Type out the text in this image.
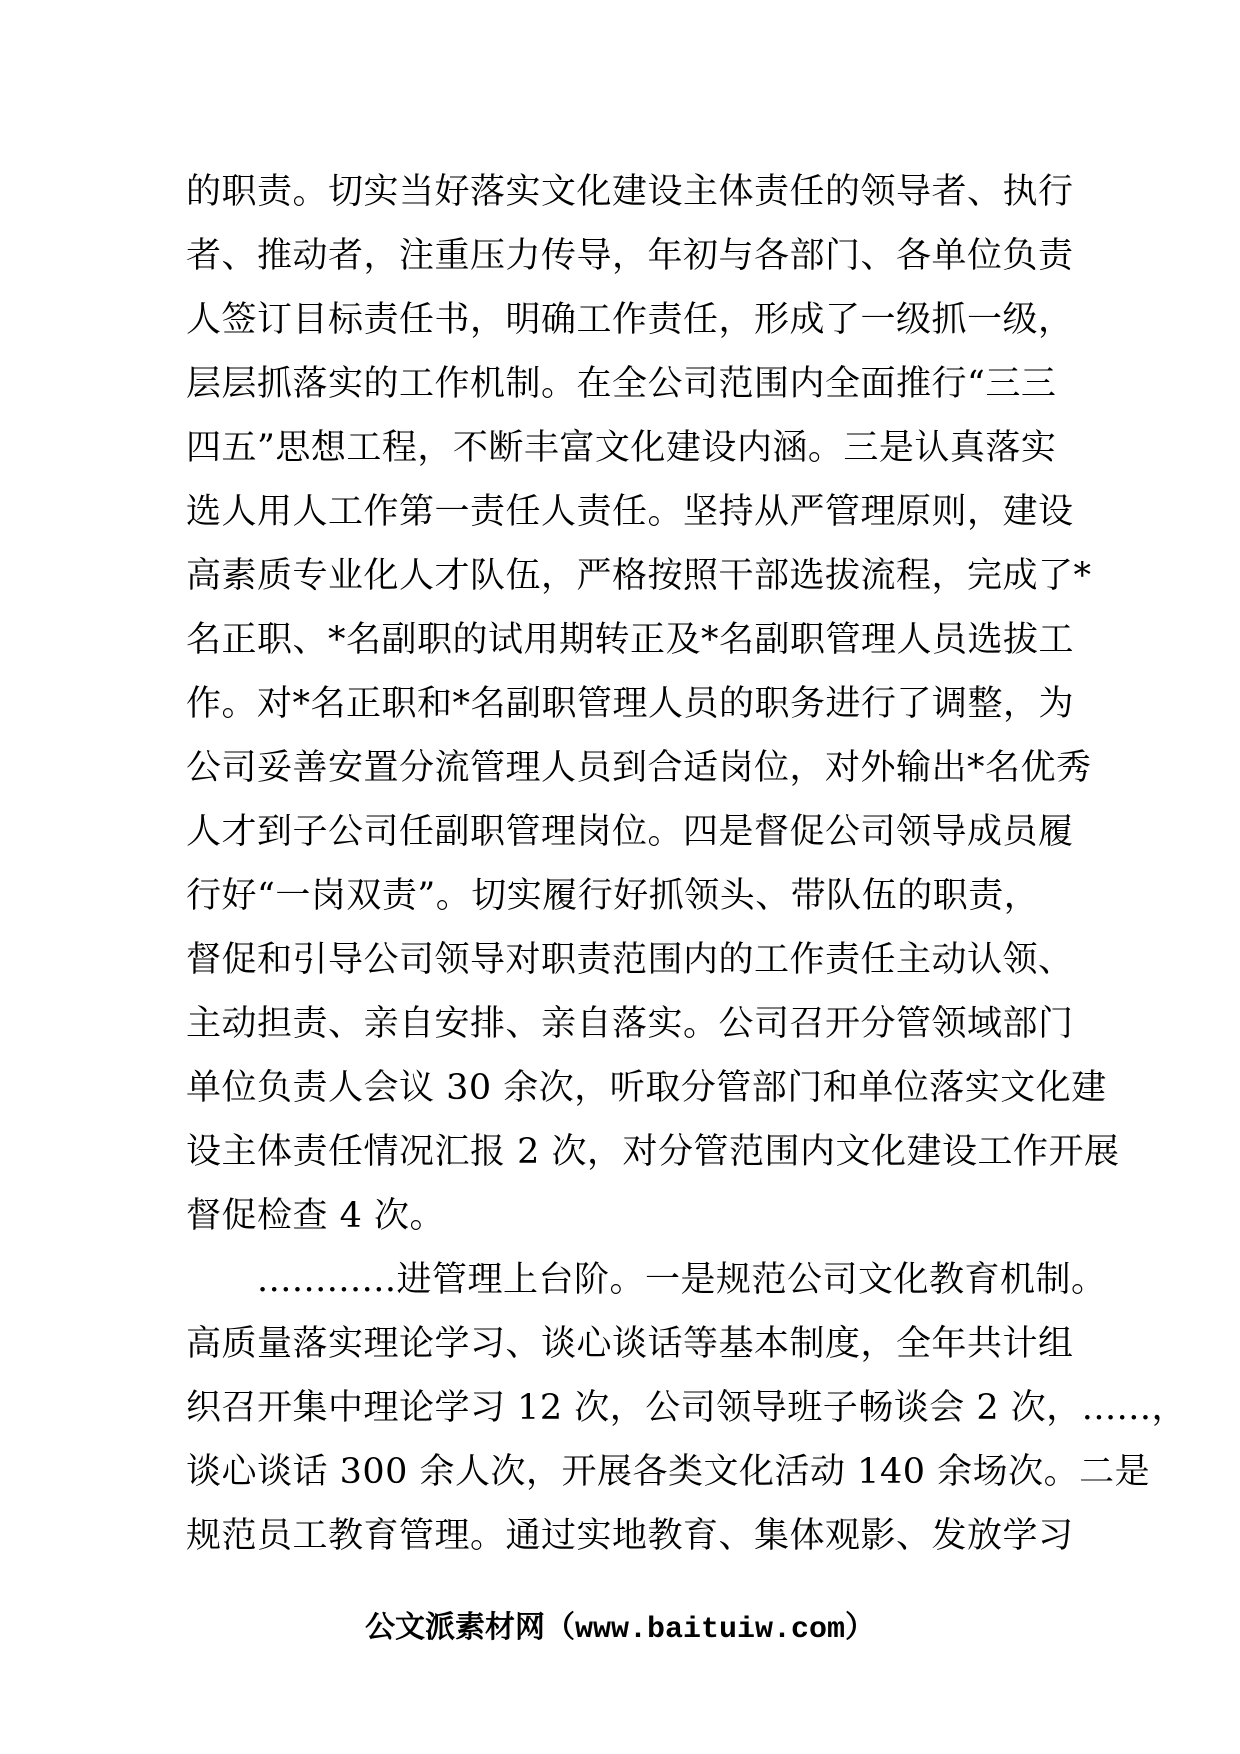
的职责。切实当好落实文化建设主体责任的领导者、执行
者、推动者，注重压力传导，年初与各部门、各单位负责
人签订目标责任书，明确工作责任，形成了一级抓一级，
层层抓落实的工作机制。在全公司范围内全面推行“三三
四五”思想工程，不断丰富文化建设内涵。三是认真落实
选人用人工作第一责任人责任。坚持从严管理原则，建设
高素质专业化人才队伍，严格按照干部选拔流程，完成了*
名正职、*名副职的试用期转正及*名副职管理人员选拔工
作。对*名正职和*名副职管理人员的职务进行了调整，为
公司妥善安置分流管理人员到合适岗位，对外输出*名优秀
人才到子公司任副职管理岗位。四是督促公司领导成员履
行好“一岗双责”。切实履行好抓领头、带队伍的职责，
督促和引导公司领导对职责范围内的工作责任主动认领、
主动担责、亲自安排、亲自落实。公司召开分管领域部门
单位负责人会议 30 余次，听取分管部门和单位落实文化建
设主体责任情况汇报 2 次，对分管范围内文化建设工作开展
督促检查 4 次。
　　............进管理上台阶。一是规范公司文化教育机制。
高质量落实理论学习、谈心谈话等基本制度，全年共计组
织召开集中理论学习 12 次，公司领导班子畅谈会 2 次，......，
谈心谈话 300 余人次，开展各类文化活动 140 余场次。二是
规范员工教育管理。通过实地教育、集体观影、发放学习
公文派素材网（www.baituiw.com）
